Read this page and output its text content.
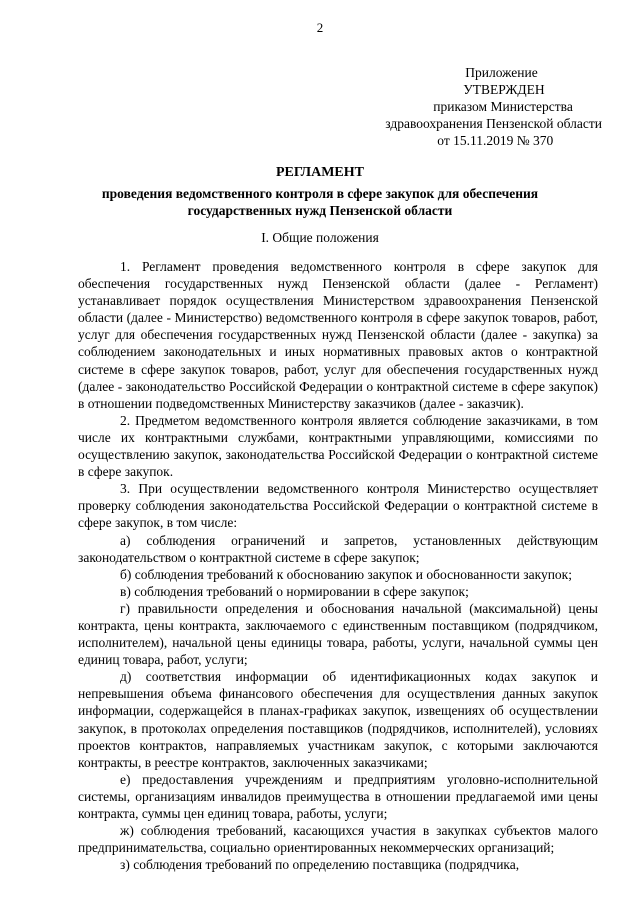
2
Приложение
УТВЕРЖДЕН
приказом Министерства
здравоохранения Пензенской области
от 15.11.2019 № 370
РЕГЛАМЕНТ
проведения ведомственного контроля в сфере закупок для обеспечения
государственных нужд Пензенской области
I. Общие положения

1. Регламент проведения ведомственного контроля в сфере закупок для обеспечения государственных нужд Пензенской области (далее - Регламент) устанавливает порядок осуществления Министерством здравоохранения Пензенской области (далее - Министерство) ведомственного контроля в сфере закупок товаров, работ, услуг для обеспечения государственных нужд Пензенской области (далее - закупка) за соблюдением законодательных и иных нормативных правовых актов о контрактной системе в сфере закупок товаров, работ, услуг для обеспечения государственных нужд (далее - законодательство Российской Федерации о контрактной системе в сфере закупок) в отношении подведомственных Министерству заказчиков (далее - заказчик).

2. Предметом ведомственного контроля является соблюдение заказчиками, в том числе их контрактными службами, контрактными управляющими, комиссиями по осуществлению закупок, законодательства Российской Федерации о контрактной системе в сфере закупок.

3. При осуществлении ведомственного контроля Министерство осуществляет проверку соблюдения законодательства Российской Федерации о контрактной системе в сфере закупок, в том числе:

а) соблюдения ограничений и запретов, установленных действующим законодательством о контрактной системе в сфере закупок;

б) соблюдения требований к обоснованию закупок и обоснованности закупок;

в) соблюдения требований о нормировании в сфере закупок;

г) правильности определения и обоснования начальной (максимальной) цены контракта, цены контракта, заключаемого с единственным поставщиком (подрядчиком, исполнителем), начальной цены единицы товара, работы, услуги, начальной суммы цен единиц товара, работ, услуги;

д) соответствия информации об идентификационных кодах закупок и непревышения объема финансового обеспечения для осуществления данных закупок информации, содержащейся в планах-графиках закупок, извещениях об осуществлении закупок, в протоколах определения поставщиков (подрядчиков, исполнителей), условиях проектов контрактов, направляемых участникам закупок, с которыми заключаются контракты, в реестре контрактов, заключенных заказчиками;

е) предоставления учреждениям и предприятиям уголовно-исполнительной системы, организациям инвалидов преимущества в отношении предлагаемой ими цены контракта, суммы цен единиц товара, работы, услуги;

ж) соблюдения требований, касающихся участия в закупках субъектов малого предпринимательства, социально ориентированных некоммерческих организаций;

з) соблюдения требований по определению поставщика (подрядчика,
